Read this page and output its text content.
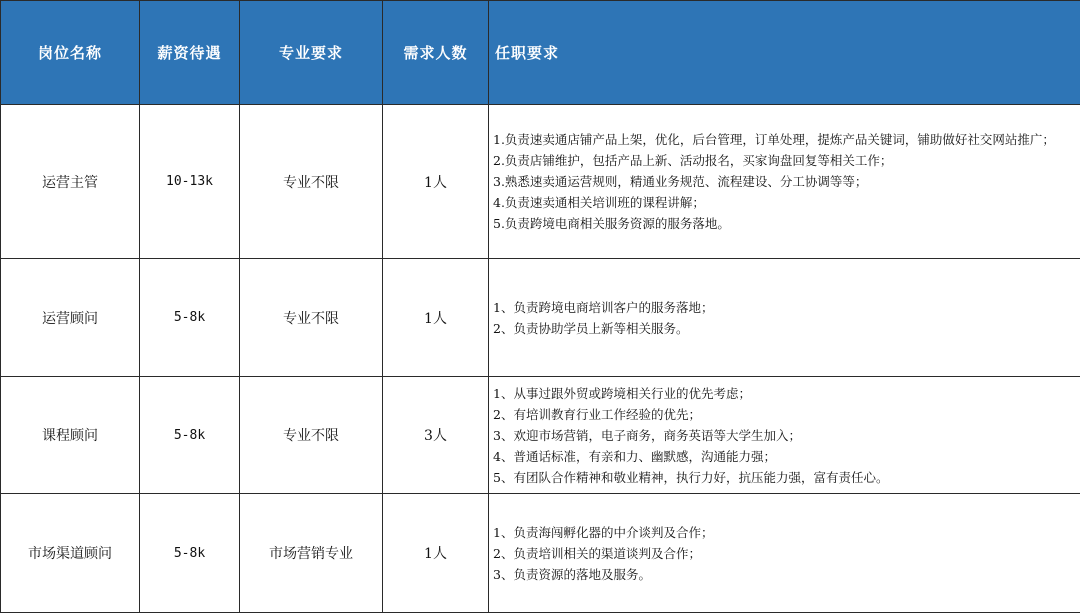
岗位名称	薪资待遇	专业要求	需求人数	任职要求
运营主管	10-13k	专业不限	1人	1.负责速卖通店铺产品上架，优化，后台管理，订单处理，提炼产品关键词，铺助做好社交网站推广；
2.负责店铺维护，包括产品上新、活动报名，买家询盘回复等相关工作；
3.熟悉速卖通运营规则，精通业务规范、流程建设、分工协调等等；
4.负责速卖通相关培训班的课程讲解；
5.负责跨境电商相关服务资源的服务落地。

运营顾问	5-8k	专业不限	1人	1、负责跨境电商培训客户的服务落地；
2、负责协助学员上新等相关服务。

课程顾问	5-8k	专业不限	3人	1、从事过跟外贸或跨境相关行业的优先考虑；
2、有培训教育行业工作经验的优先；
3、欢迎市场营销，电子商务，商务英语等大学生加入；
4、普通话标准，有亲和力、幽默感，沟通能力强；
5、有团队合作精神和敬业精神，执行力好，抗压能力强，富有责任心。

市场渠道顾问	5-8k	市场营销专业	1人	1、负责海闯孵化器的中介谈判及合作；
2、负责培训相关的渠道谈判及合作；
3、负责资源的落地及服务。
